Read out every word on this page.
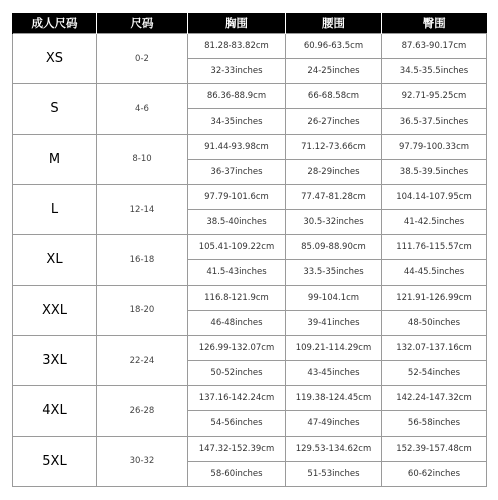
成人尺码	尺码	胸围	腰围	臀围
XS	0-2	81.28-83.82cm	60.96-63.5cm	87.63-90.17cm
		32-33inches	24-25inches	34.5-35.5inches
S	4-6	86.36-88.9cm	66-68.58cm	92.71-95.25cm
		34-35inches	26-27inches	36.5-37.5inches
M	8-10	91.44-93.98cm	71.12-73.66cm	97.79-100.33cm
		36-37inches	28-29inches	38.5-39.5inches
L	12-14	97.79-101.6cm	77.47-81.28cm	104.14-107.95cm
		38.5-40inches	30.5-32inches	41-42.5inches
XL	16-18	105.41-109.22cm	85.09-88.90cm	111.76-115.57cm
		41.5-43inches	33.5-35inches	44-45.5inches
XXL	18-20	116.8-121.9cm	99-104.1cm	121.91-126.99cm
		46-48inches	39-41inches	48-50inches
3XL	22-24	126.99-132.07cm	109.21-114.29cm	132.07-137.16cm
		50-52inches	43-45inches	52-54inches
4XL	26-28	137.16-142.24cm	119.38-124.45cm	142.24-147.32cm
		54-56inches	47-49inches	56-58inches
5XL	30-32	147.32-152.39cm	129.53-134.62cm	152.39-157.48cm
		58-60inches	51-53inches	60-62inches
